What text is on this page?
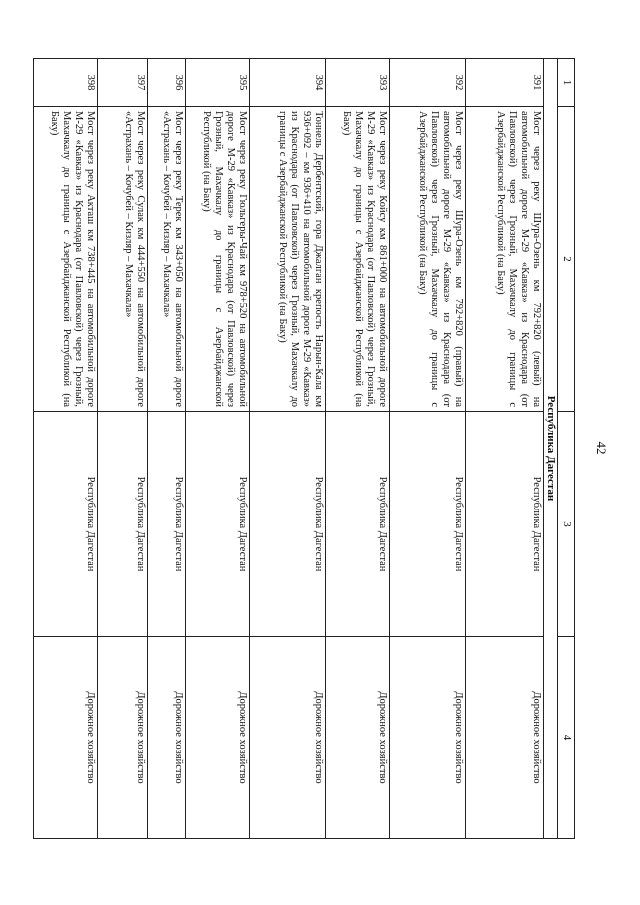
42
1	2	3	4
Республика Дагестан			
391	Мост через реку Шура-Озень км 792+820 (левый) на автомобильной дороге М-29 «Кавказ» из Краснодара (от Павловской) через Грозный, Махачкалу до границы с Азербайджанской Республикой (на Баку)	Республика Дагестан	Дорожное хозяйство
392	Мост через реку Шура-Озень км 792+820 (правый) на автомобильной дороге М-29 «Кавказ» из Краснодара (от Павловской) через Грозный, Махачкалу до границы с Азербайджанской Республикой (на Баку)	Республика Дагестан	Дорожное хозяйство
393	Мост через реку Койсу км 861+000 на автомобильной дороге М-29 «Кавказ» из Краснодара (от Павловской) через Грозный, Махачкалу до границы с Азербайджанской Республикой (на Баку)	Республика Дагестан	Дорожное хозяйство
394	Тоннель Дербентский, гора Джалган крепость Нарын-Кала км 936+092 – км 936+410 на автомобильной дороге М-29 «Кавказ» из Краснодара (от Павловской) через Грозный, Махачкалу до границы с Азербайджанской Республикой (на Баку)	Республика Дагестан	Дорожное хозяйство
395	Мост через реку Гюльгеры-Чай км 978+520 на автомобильной дороге М-29 «Кавказ» из Краснодара (от Павловской) через Грозный, Махачкалу до границы с Азербайджанской Республикой (на Баку)	Республика Дагестан	Дорожное хозяйство
396	Мост через реку Терек км 343+050 на автомобильной дороге «Астрахань – Кочубей – Кизляр – Махачкала»	Республика Дагестан	Дорожное хозяйство
397	Мост через реку Сулак км 444+550 на автомобильной дороге «Астрахань – Кочубей – Кизляр – Махачкала»	Республика Дагестан	Дорожное хозяйство
398	Мост через реку Акташ км 738+445 на автомобильной дороге М-29 «Кавказ» из Краснодара (от Павловской) через Грозный, Махачкалу до границы с Азербайджанской Республикой (на Баку)	Республика Дагестан	Дорожное хозяйство
